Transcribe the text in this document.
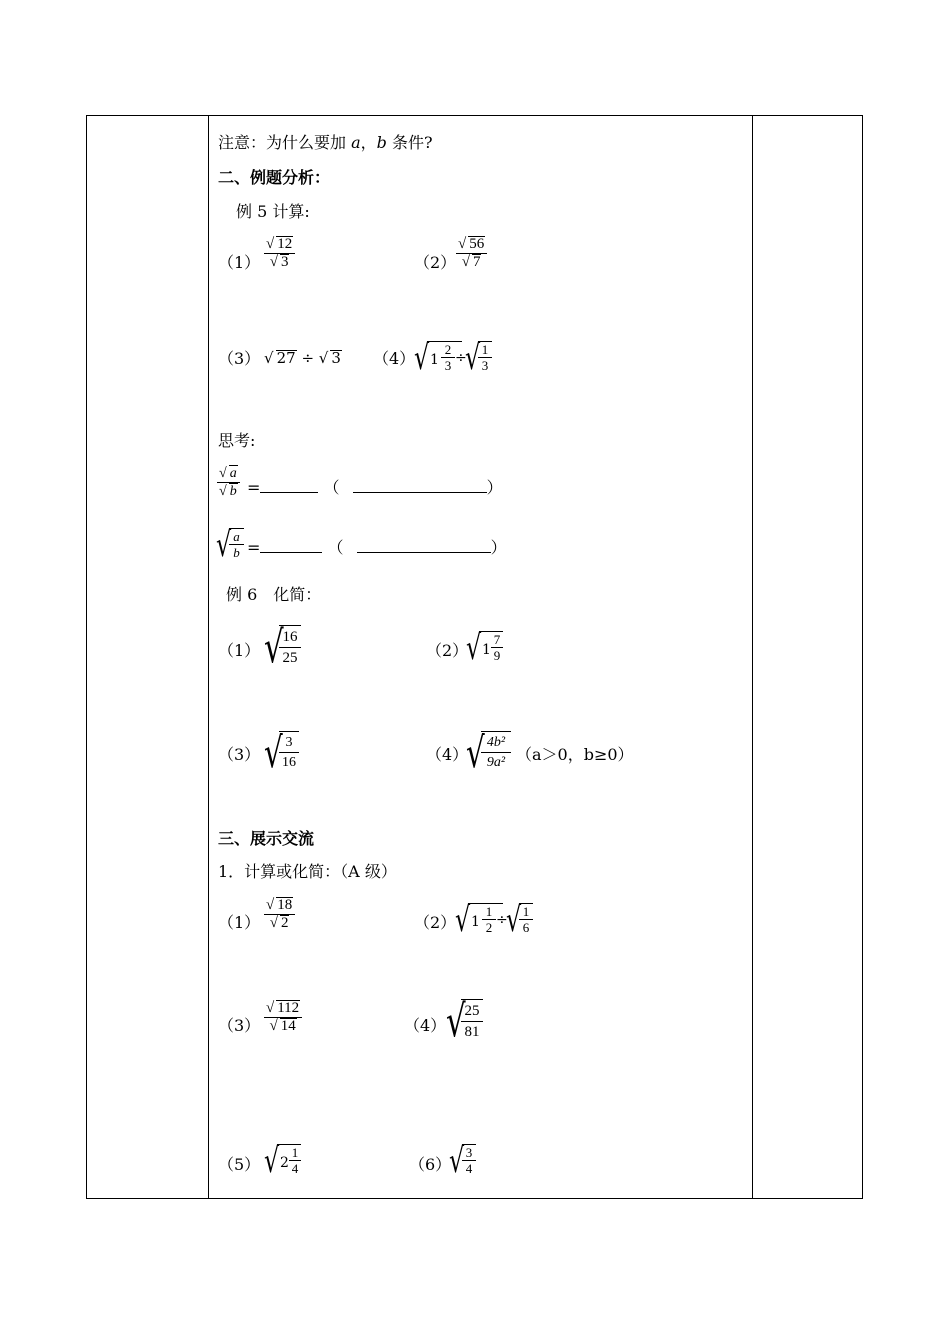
注意：为什么要加 a，b 条件?
二、例题分析：
例 5 计算:
（1）
√ 12
√ 3	（2）
√ 56
√ 7
（3） √ 27 ÷ √ 3 （4）
√ 1
2
3 ÷
√ 1
3
思考:
√ a
√ b =	（	）
√ a
b =	（	）
例 6　化简：
（1） √
16
25	（2）
√ 1
7
9
（3） √ 3
16	（4）
√ 4b²
9a² （a＞0，b≥0）
三、展示交流
1．计算或化简：（A 级）
（1）
√ 18
√ 2	（2）
√ 1
1
2 ÷
√ 1
6
（3）
√ 112
√ 14	（4） √
25
81
（5） √ 2
1
4	（6）
√ 3
4
